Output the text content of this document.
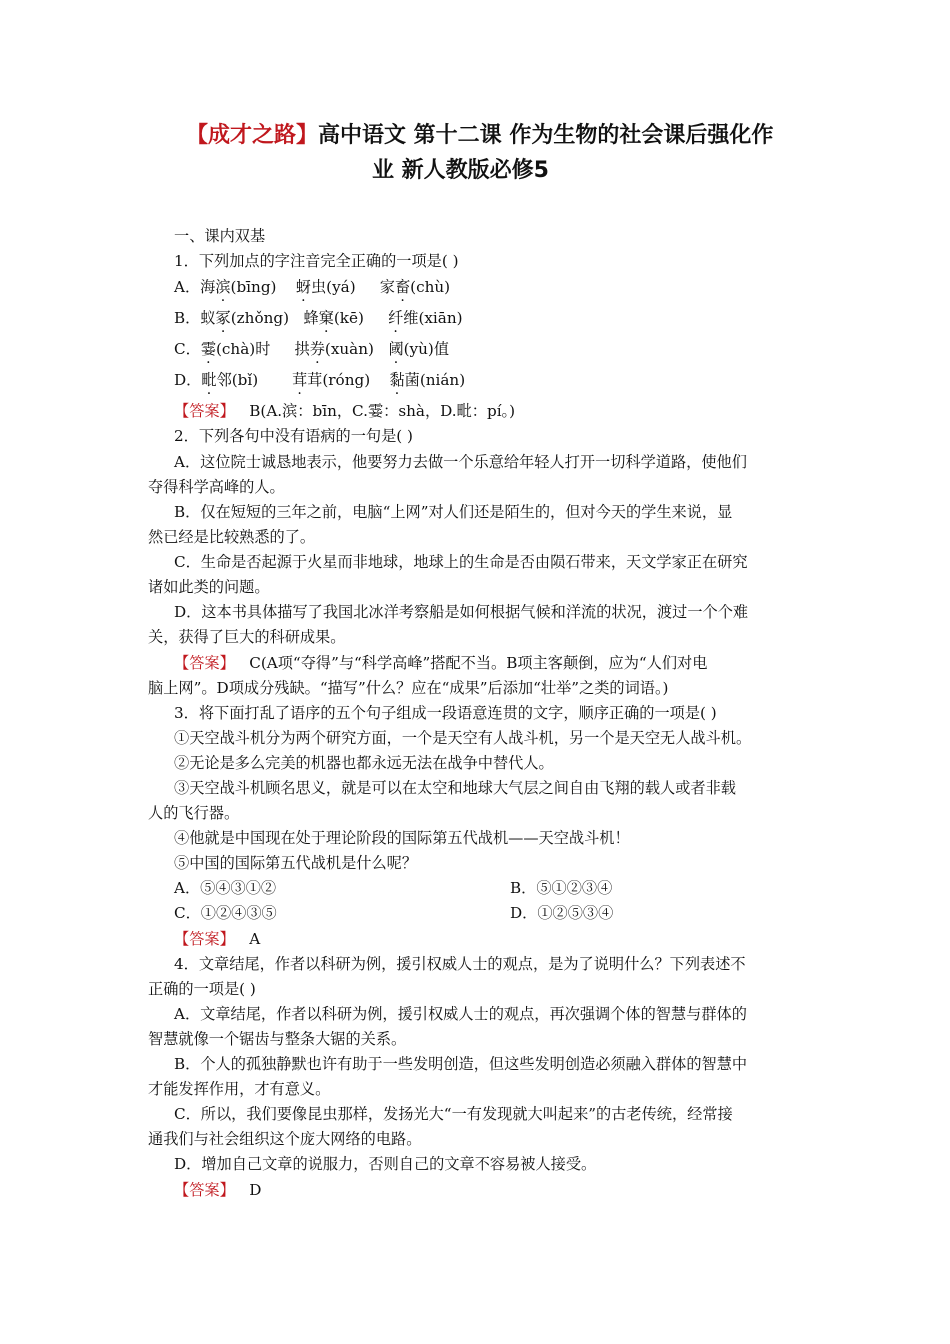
【成才之路】高中语文 第十二课 作为生物的社会课后强化作
业 新人教版必修5
一、课内双基
1．下列加点的字注音完全正确的一项是( )
A．海滨(bīng) 蚜虫(yá) 家畜(chù)
B．蚁冢(zhǒng) 蜂窠(kē) 纤维(xiān)
C．霎(chà)时 拱券(xuàn) 阈(yù)值
D．毗邻(bǐ) 茸茸(róng) 黏菌(nián)
【答案】 B(A.滨：bīn，C.霎：shà，D.毗：pí。)
2．下列各句中没有语病的一句是( )
A．这位院士诚恳地表示，他要努力去做一个乐意给年轻人打开一切科学道路，使他们
夺得科学高峰的人。
B．仅在短短的三年之前，电脑“上网”对人们还是陌生的，但对今天的学生来说，显
然已经是比较熟悉的了。
C．生命是否起源于火星而非地球，地球上的生命是否由陨石带来，天文学家正在研究
诸如此类的问题。
D．这本书具体描写了我国北冰洋考察船是如何根据气候和洋流的状况，渡过一个个难
关，获得了巨大的科研成果。
【答案】 C(A项“夺得”与“科学高峰”搭配不当。B项主客颠倒，应为“人们对电
脑上网”。D项成分残缺。“描写”什么？应在“成果”后添加“壮举”之类的词语。)
3．将下面打乱了语序的五个句子组成一段语意连贯的文字，顺序正确的一项是( )
①天空战斗机分为两个研究方面，一个是天空有人战斗机，另一个是天空无人战斗机。
②无论是多么完美的机器也都永远无法在战争中替代人。
③天空战斗机顾名思义，就是可以在太空和地球大气层之间自由飞翔的载人或者非载
人的飞行器。
④他就是中国现在处于理论阶段的国际第五代战机——天空战斗机！
⑤中国的国际第五代战机是什么呢？
A．⑤④③①②	B．⑤①②③④
C．①②④③⑤	D．①②⑤③④
【答案】 A
4．文章结尾，作者以科研为例，援引权威人士的观点，是为了说明什么？下列表述不
正确的一项是( )
A．文章结尾，作者以科研为例，援引权威人士的观点，再次强调个体的智慧与群体的
智慧就像一个锯齿与整条大锯的关系。
B．个人的孤独静默也许有助于一些发明创造，但这些发明创造必须融入群体的智慧中
才能发挥作用，才有意义。
C．所以，我们要像昆虫那样，发扬光大“一有发现就大叫起来”的古老传统，经常接
通我们与社会组织这个庞大网络的电路。
D．增加自己文章的说服力，否则自己的文章不容易被人接受。
【答案】 D
